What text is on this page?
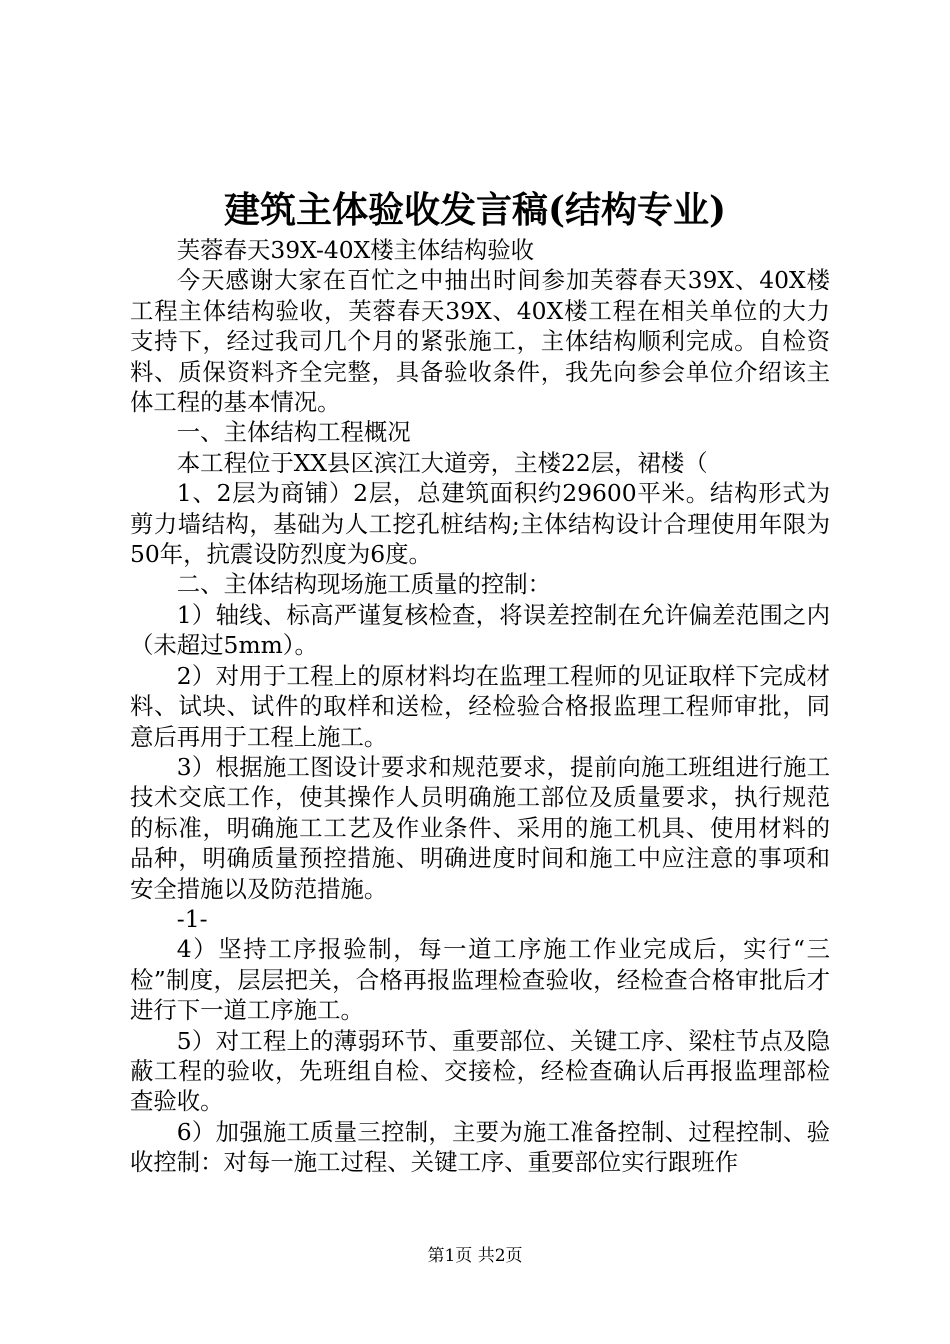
建筑主体验收发言稿(结构专业)

芙蓉春天39X-40X楼主体结构验收

今天感谢大家在百忙之中抽出时间参加芙蓉春天39X、40X楼工程主体结构验收，芙蓉春天39X、40X楼工程在相关单位的大力支持下，经过我司几个月的紧张施工，主体结构顺利完成。自检资料、质保资料齐全完整，具备验收条件，我先向参会单位介绍该主体工程的基本情况。

一、主体结构工程概况

本工程位于XX县区滨江大道旁，主楼22层，裙楼（

1、2层为商铺）2层，总建筑面积约29600平米。结构形式为剪力墙结构，基础为人工挖孔桩结构;主体结构设计合理使用年限为50年，抗震设防烈度为6度。

二、主体结构现场施工质量的控制：

1）轴线、标高严谨复核检查，将误差控制在允许偏差范围之内（未超过5mm）。

2）对用于工程上的原材料均在监理工程师的见证取样下完成材料、试块、试件的取样和送检，经检验合格报监理工程师审批，同意后再用于工程上施工。

3）根据施工图设计要求和规范要求，提前向施工班组进行施工技术交底工作，使其操作人员明确施工部位及质量要求，执行规范的标准，明确施工工艺及作业条件、采用的施工机具、使用材料的品种，明确质量预控措施、明确进度时间和施工中应注意的事项和安全措施以及防范措施。

-1-

4）坚持工序报验制，每一道工序施工作业完成后，实行“三检”制度，层层把关，合格再报监理检查验收，经检查合格审批后才进行下一道工序施工。

5）对工程上的薄弱环节、重要部位、关键工序、梁柱节点及隐蔽工程的验收，先班组自检、交接检，经检查确认后再报监理部检查验收。

6）加强施工质量三控制，主要为施工准备控制、过程控制、验收控制：对每一施工过程、关键工序、重要部位实行跟班作

第1页 共2页
